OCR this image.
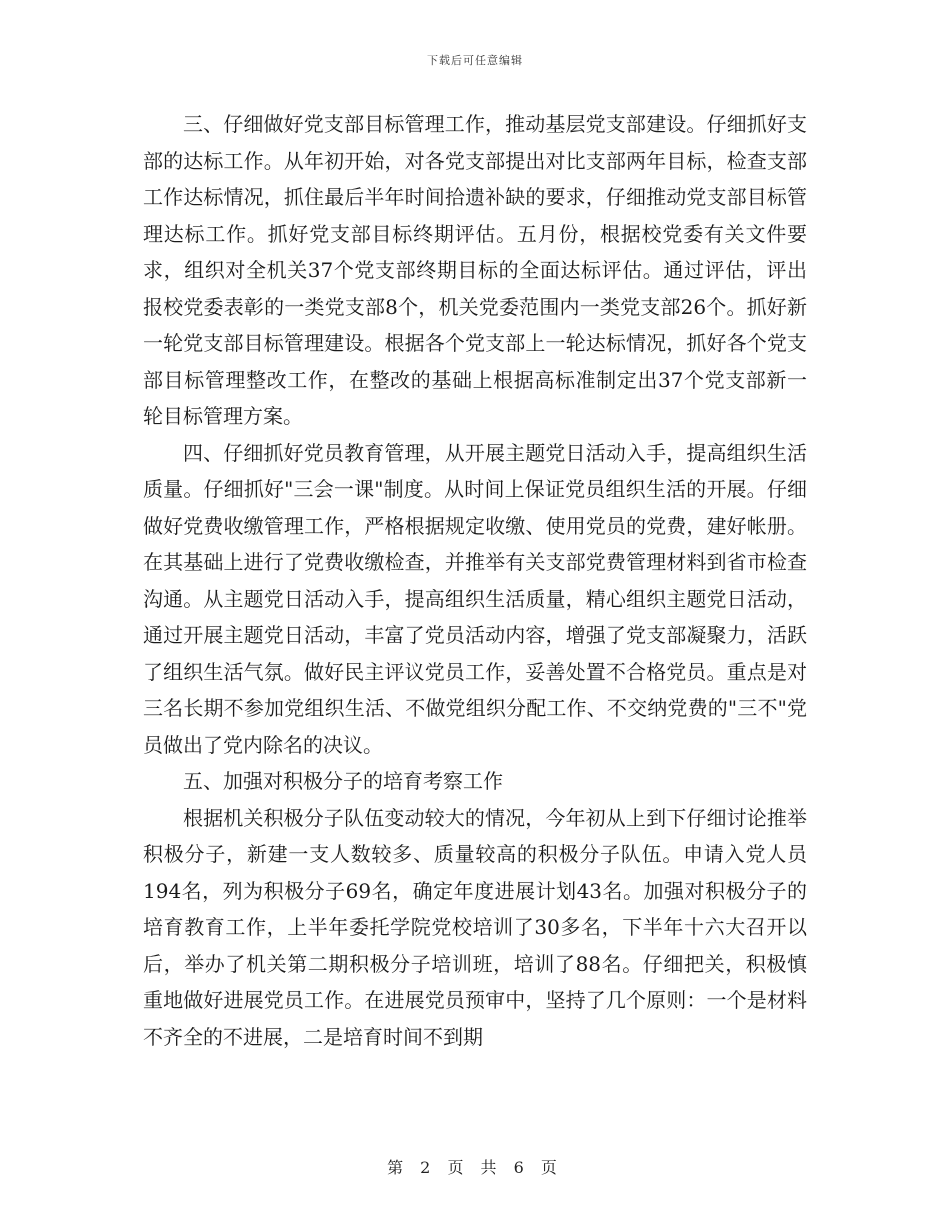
下载后可任意编辑

三、仔细做好党支部目标管理工作，推动基层党支部建设。仔细抓好支部的达标工作。从年初开始，对各党支部提出对比支部两年目标，检查支部工作达标情况，抓住最后半年时间拾遗补缺的要求，仔细推动党支部目标管理达标工作。抓好党支部目标终期评估。五月份，根据校党委有关文件要求，组织对全机关37个党支部终期目标的全面达标评估。通过评估，评出报校党委表彰的一类党支部8个，机关党委范围内一类党支部26个。抓好新一轮党支部目标管理建设。根据各个党支部上一轮达标情况，抓好各个党支部目标管理整改工作，在整改的基础上根据高标准制定出37个党支部新一轮目标管理方案。

四、仔细抓好党员教育管理，从开展主题党日活动入手，提高组织生活质量。仔细抓好"三会一课"制度。从时间上保证党员组织生活的开展。仔细做好党费收缴管理工作，严格根据规定收缴、使用党员的党费，建好帐册。在其基础上进行了党费收缴检查，并推举有关支部党费管理材料到省市检查沟通。从主题党日活动入手，提高组织生活质量，精心组织主题党日活动，通过开展主题党日活动，丰富了党员活动内容，增强了党支部凝聚力，活跃了组织生活气氛。做好民主评议党员工作，妥善处置不合格党员。重点是对三名长期不参加党组织生活、不做党组织分配工作、不交纳党费的"三不"党员做出了党内除名的决议。

五、加强对积极分子的培育考察工作

根据机关积极分子队伍变动较大的情况，今年初从上到下仔细讨论推举积极分子，新建一支人数较多、质量较高的积极分子队伍。申请入党人员194名，列为积极分子69名，确定年度进展计划43名。加强对积极分子的培育教育工作，上半年委托学院党校培训了30多名，下半年十六大召开以后，举办了机关第二期积极分子培训班，培训了88名。仔细把关，积极慎重地做好进展党员工作。在进展党员预审中，坚持了几个原则：一个是材料不齐全的不进展，二是培育时间不到期

第 2 页 共 6 页
